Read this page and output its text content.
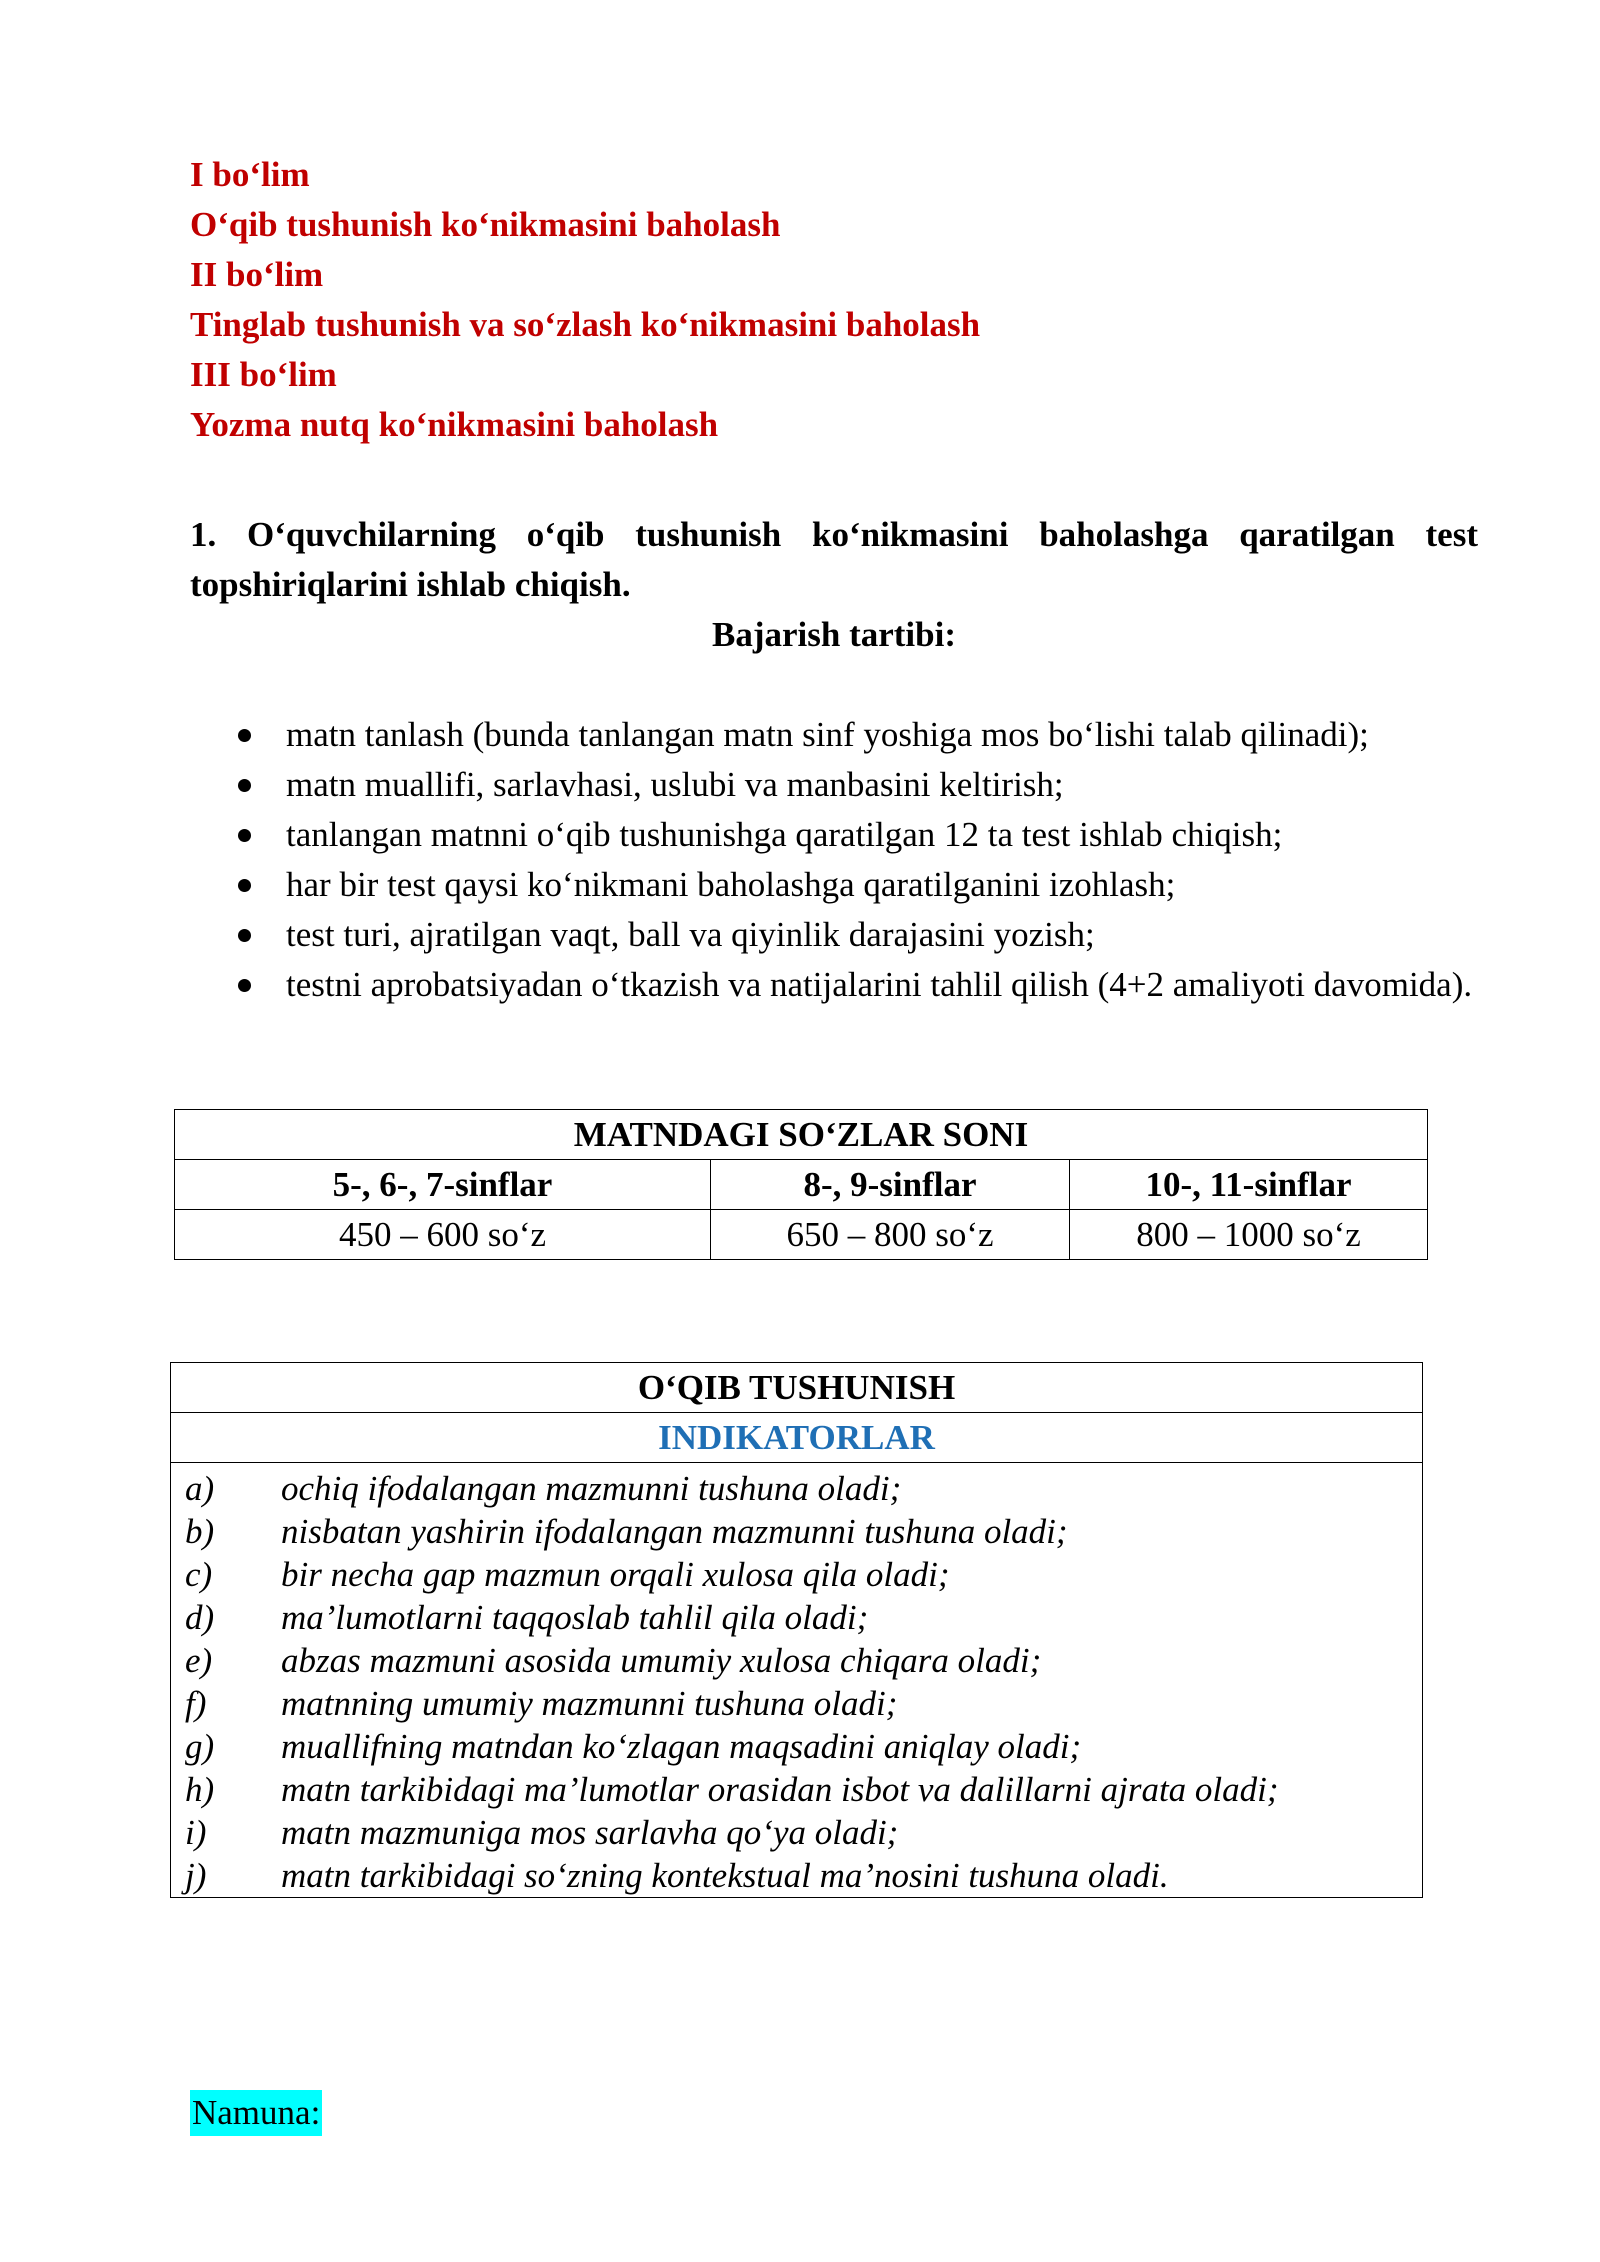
I bo‘lim
O‘qib tushunish ko‘nikmasini baholash
II bo‘lim
Tinglab tushunish va so‘zlash ko‘nikmasini baholash
III bo‘lim
Yozma nutq ko‘nikmasini baholash
1. O‘quvchilarning o‘qib tushunish ko‘nikmasini baholashga qaratilgan test topshiriqlarini ishlab chiqish.
Bajarish tartibi:
matn tanlash (bunda tanlangan matn sinf yoshiga mos bo‘lishi talab qilinadi);
matn muallifi, sarlavhasi, uslubi va manbasini keltirish;
tanlangan matnni o‘qib tushunishga qaratilgan 12 ta test ishlab chiqish;
har bir test qaysi ko‘nikmani baholashga qaratilganini izohlash;
test turi, ajratilgan vaqt, ball va qiyinlik darajasini yozish;
testni aprobatsiyadan o‘tkazish va natijalarini tahlil qilish (4+2 amaliyoti davomida).
MATNDAGI SO‘ZLAR SONI		
5-, 6-, 7-sinflar	8-, 9-sinflar	10-, 11-sinflar
450 – 600 so‘z	650 – 800 so‘z	800 – 1000 so‘z
O‘QIB TUSHUNISH
INDIKATORLAR

a)	ochiq ifodalangan mazmunni tushuna oladi;
b)	nisbatan yashirin ifodalangan mazmunni tushuna oladi;
c)	bir necha gap mazmun orqali xulosa qila oladi;
d)	ma’lumotlarni taqqoslab tahlil qila oladi;
e)	abzas mazmuni asosida umumiy xulosa chiqara oladi;
f)	matnning umumiy mazmunni tushuna oladi;
g)	muallifning matndan ko‘zlagan maqsadini aniqlay oladi;
h)	matn tarkibidagi ma’lumotlar orasidan isbot va dalillarni ajrata oladi;
i)	matn mazmuniga mos sarlavha qo‘ya oladi;
j)	matn tarkibidagi so‘zning kontekstual ma’nosini tushuna oladi.
Namuna:
